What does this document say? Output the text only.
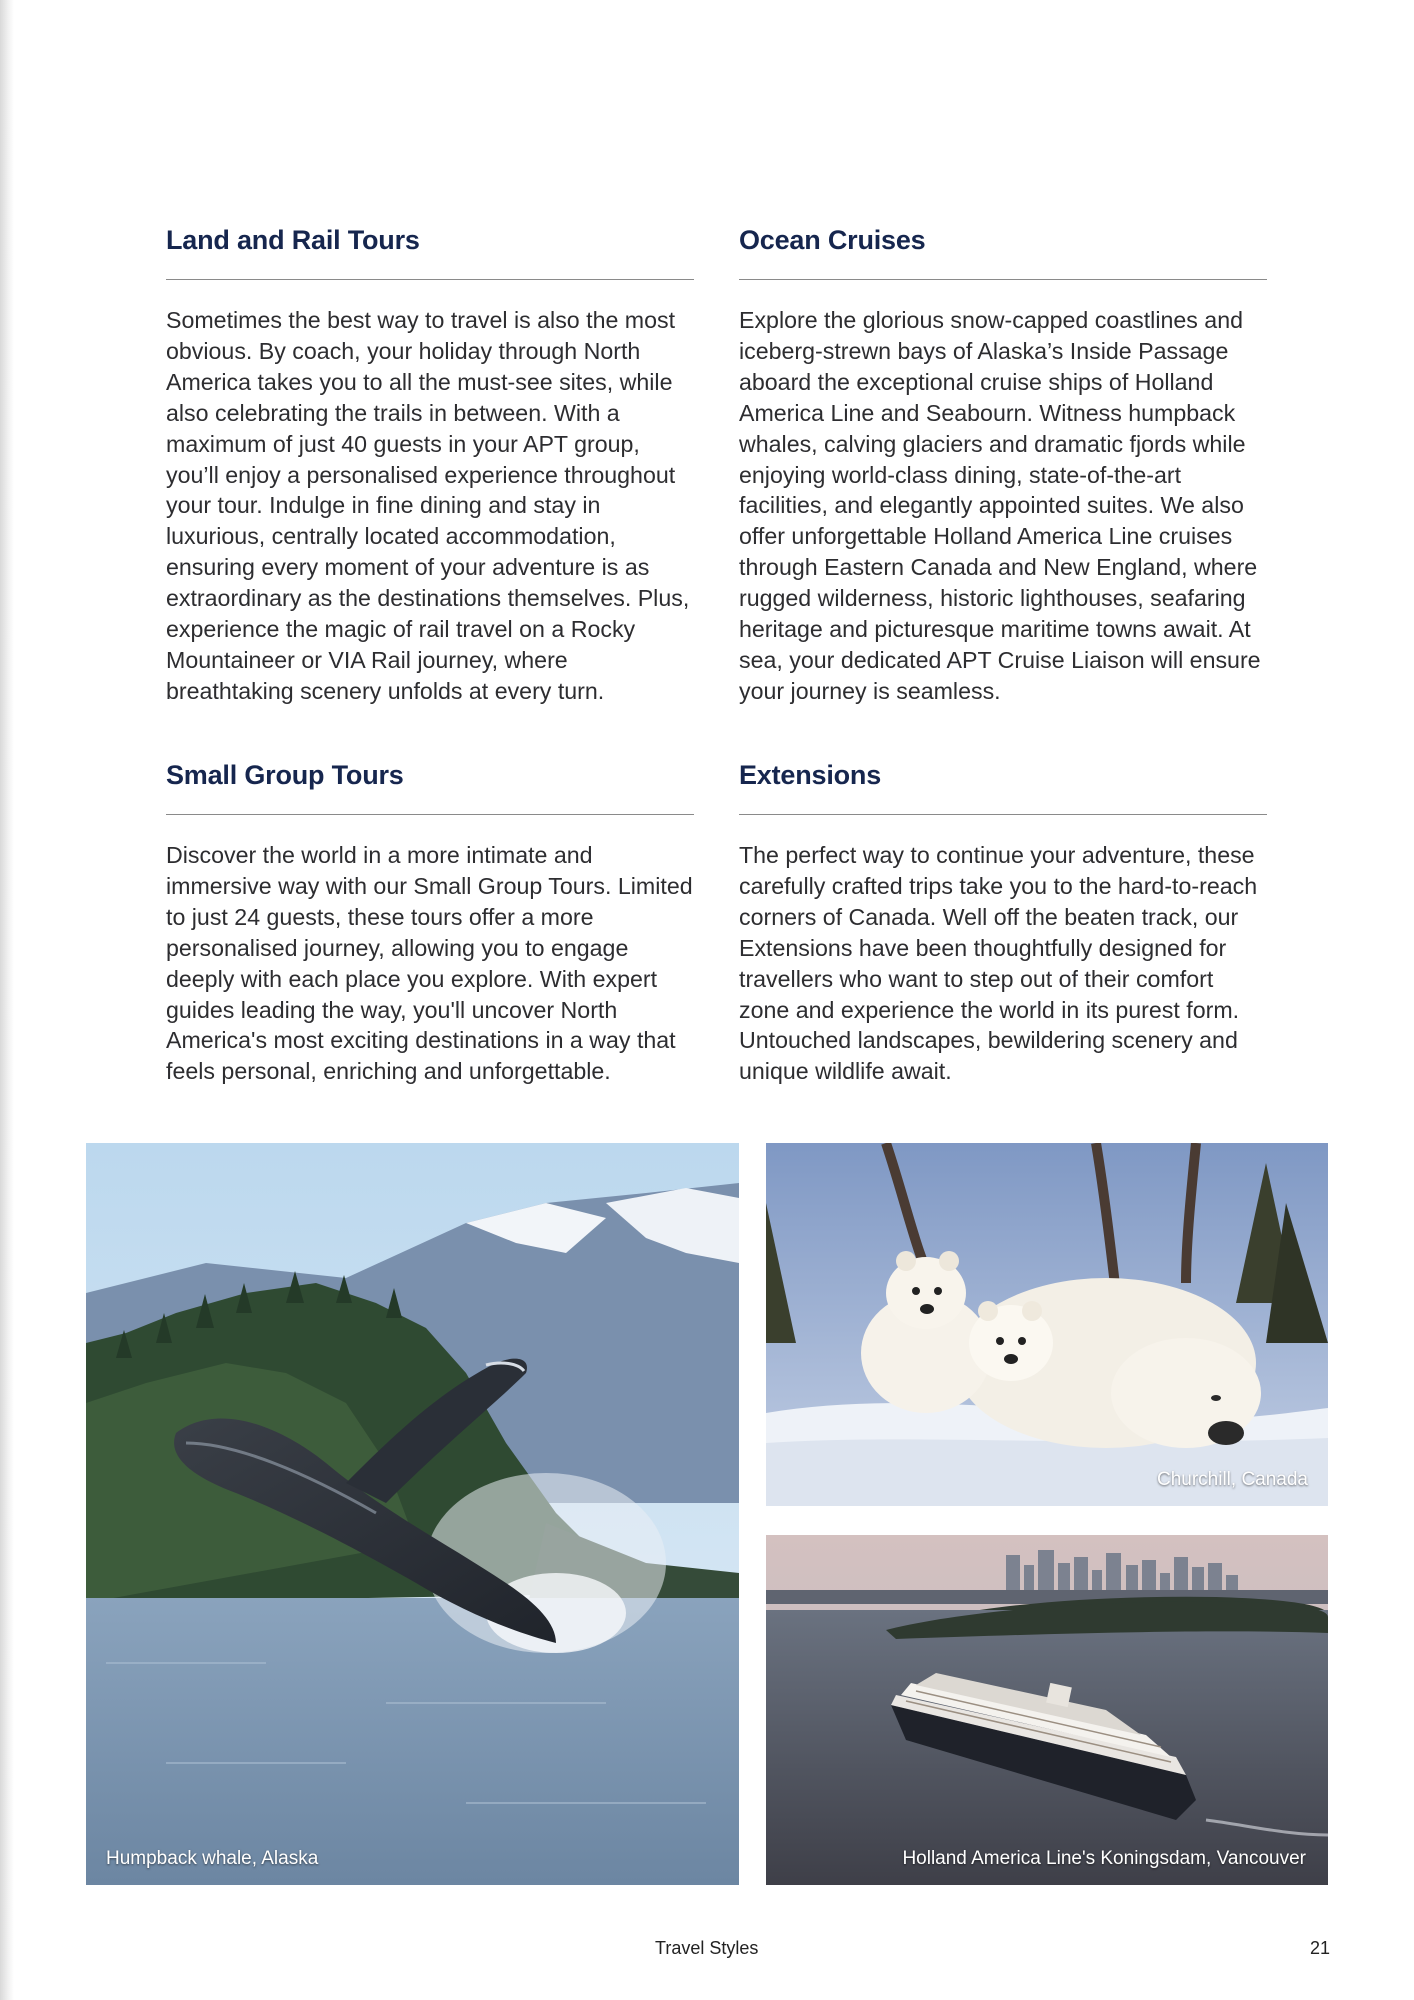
Land and Rail Tours

Sometimes the best way to travel is also the most obvious. By coach, your holiday through North America takes you to all the must-see sites, while also celebrating the trails in between. With a maximum of just 40 guests in your APT group, you’ll enjoy a personalised experience throughout your tour. Indulge in fine dining and stay in luxurious, centrally located accommodation, ensuring every moment of your adventure is as extraordinary as the destinations themselves. Plus, experience the magic of rail travel on a Rocky Mountaineer or VIA Rail journey, where breathtaking scenery unfolds at every turn.

Ocean Cruises

Explore the glorious snow-capped coastlines and iceberg-strewn bays of Alaska’s Inside Passage aboard the exceptional cruise ships of Holland America Line and Seabourn. Witness humpback whales, calving glaciers and dramatic fjords while enjoying world-class dining, state-of-the-art facilities, and elegantly appointed suites. We also offer unforgettable Holland America Line cruises through Eastern Canada and New England, where rugged wilderness, historic lighthouses, seafaring heritage and picturesque maritime towns await. At sea, your dedicated APT Cruise Liaison will ensure your journey is seamless.

Small Group Tours

Discover the world in a more intimate and immersive way with our Small Group Tours. Limited to just 24 guests, these tours offer a more personalised journey, allowing you to engage deeply with each place you explore. With expert guides leading the way, you'll uncover North America's most exciting destinations in a way that feels personal, enriching and unforgettable.

Extensions

The perfect way to continue your adventure, these carefully crafted trips take you to the hard-to-reach corners of Canada. Well off the beaten track, our Extensions have been thoughtfully designed for travellers who want to step out of their comfort zone and experience the world in its purest form. Untouched landscapes, bewildering scenery and unique wildlife await.

Humpback whale, Alaska
Churchill, Canada
Holland America Line's Koningsdam, Vancouver
Travel Styles	21
